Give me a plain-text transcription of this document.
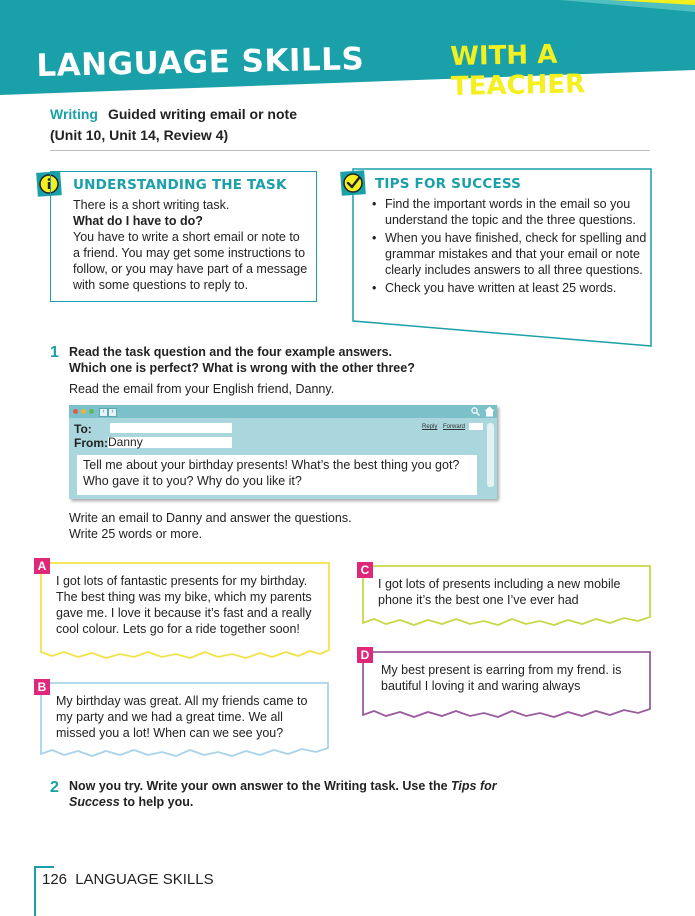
LANGUAGE SKILLS	WITH A TEACHER
Writing Guided writing email or note
(Unit 10, Unit 14, Review 4)
UNDERSTANDING THE TASK
There is a short writing task.
What do I have to do?
You have to write a short email or note to a friend. You may get some instructions to follow, or you may have part of a message with some questions to reply to.
TIPS FOR SUCCESS
• Find the important words in the email so you understand the topic and the three questions.
• When you have finished, check for spelling and grammar mistakes and that your email or note clearly includes answers to all three questions.
• Check you have written at least 25 words.
1 Read the task question and the four example answers.
Which one is perfect? What is wrong with the other three?
Read the email from your English friend, Danny.
‹	›
To:
From: Danny
Reply Forward
Tell me about your birthday presents! What’s the best thing you got? Who gave it to you? Why do you like it?
Write an email to Danny and answer the questions.
Write 25 words or more.
I got lots of fantastic presents for my birthday. The best thing was my bike, which my parents gave me. I love it because it’s fast and a really cool colour. Lets go for a ride together soon!
A
My birthday was great. All my friends came to my party and we had a great time. We all missed you a lot! When can we see you?
B
I got lots of presents including a new mobile phone it’s the best one I’ve ever had
C
My best present is earring from my frend. is bautiful I loving it and waring always
D
2 Now you try. Write your own answer to the Writing task. Use the Tips for
Success to help you.
126 LANGUAGE SKILLS
